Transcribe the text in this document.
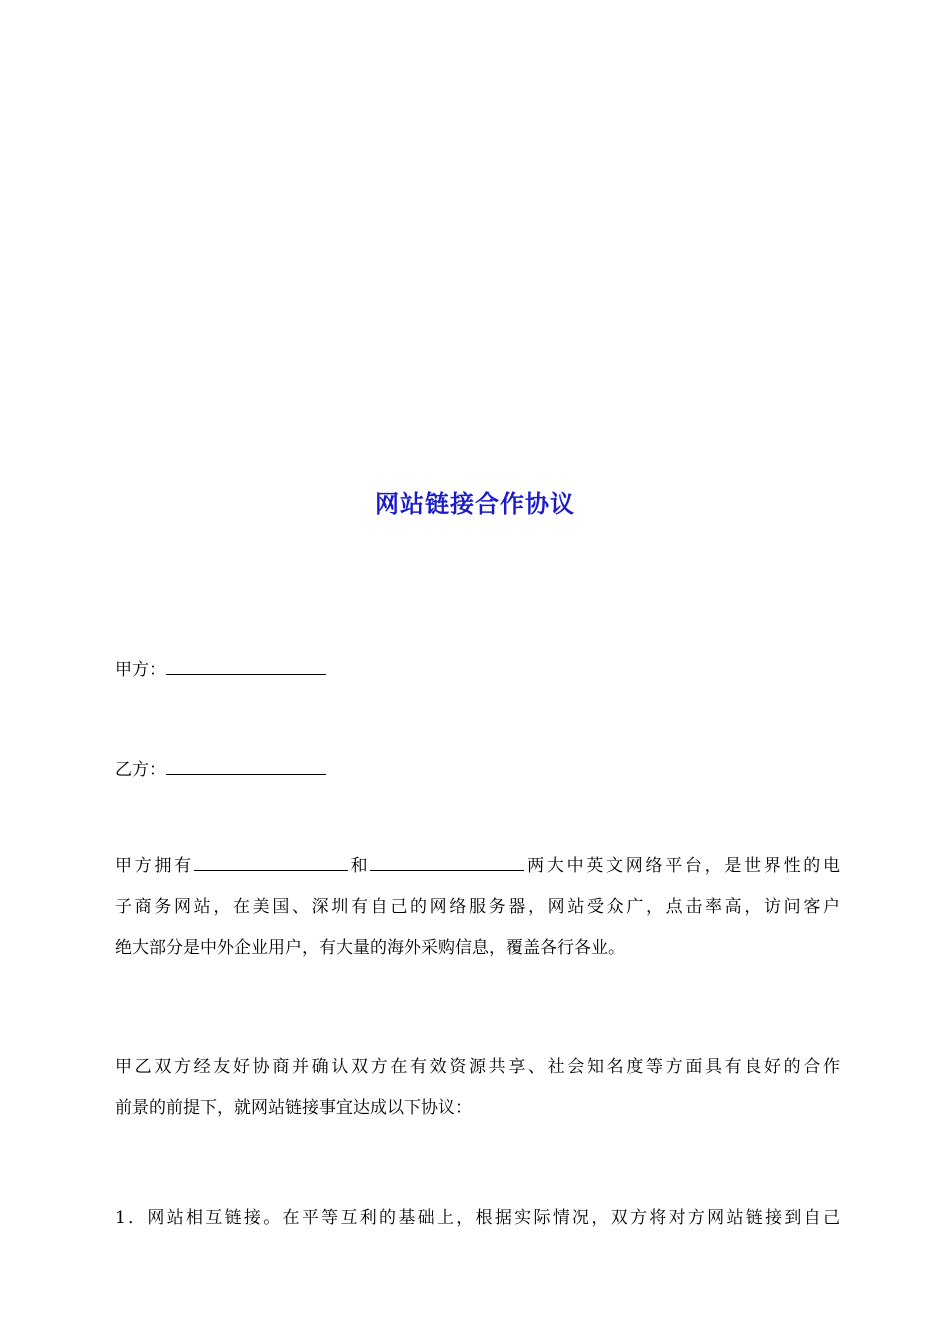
网站链接合作协议
甲方：
乙方：
甲方拥有	和	两大中英文网络平台，是世界性的电
子商务网站，在美国、深圳有自己的网络服务器，网站受众广，点击率高，访问客户
绝大部分是中外企业用户，有大量的海外采购信息，覆盖各行各业。
甲乙双方经友好协商并确认双方在有效资源共享、社会知名度等方面具有良好的合作
前景的前提下，就网站链接事宜达成以下协议：
1．网站相互链接。在平等互利的基础上，根据实际情况，双方将对方网站链接到自己
